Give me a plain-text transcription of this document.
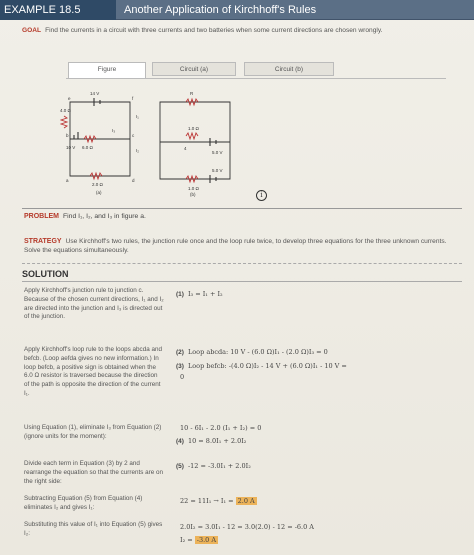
EXAMPLE 18.5	Another Application of Kirchhoff's Rules
GOAL Find the currents in a circuit with three currents and two batteries when some current directions are chosen wrongly.
Figure	Circuit (a)	Circuit (b)
14 V
4.0 Ω
6.0 Ω
10 V
2.0 Ω
e	f
b	c
a	d
I₁
I₂
I₃
(a)
R
1.0 Ω
5.0 V
1.0 Ω
5.0 V
4
(b)	i
PROBLEM Find I₁, I₂, and I₃ in figure a.
STRATEGY Use Kirchhoff's two rules, the junction rule once and the loop rule twice, to develop three equations for the three unknown currents. Solve the equations simultaneously.
SOLUTION
Apply Kirchhoff's junction rule to junction c. Because of the chosen current directions, I₁ and I₂ are directed into the junction and I₃ is directed out of the junction.
(1) I₃ = I₁ + I₂
Apply Kirchhoff's loop rule to the loops abcda and befcb. (Loop aefda gives no new information.) In loop befcb, a positive sign is obtained when the 6.0 Ω resistor is traversed because the direction of the path is opposite the direction of the current I₁.
(2) Loop abcda: 10 V - (6.0 Ω)I₁ - (2.0 Ω)I₃ = 0
(3) Loop befcb: -(4.0 Ω)I₂ - 14 V + (6.0 Ω)I₁ - 10 V =
0
Using Equation (1), eliminate I₃ from Equation (2) (ignore units for the moment):
10 - 6I₁ - 2.0 (I₁ + I₂) = 0
(4) 10 = 8.0I₁ + 2.0I₂
Divide each term in Equation (3) by 2 and rearrange the equation so that the currents are on the right side:
(5) -12 = -3.0I₁ + 2.0I₂
Subtracting Equation (5) from Equation (4) eliminates I₂ and gives I₁:
22 = 11I₁ → I₁ = 2.0 A
Substituting this value of I₁ into Equation (5) gives I₂:
2.0I₂ = 3.0I₁ - 12 = 3.0(2.0) - 12 = -6.0 A
I₂ = -3.0 A
